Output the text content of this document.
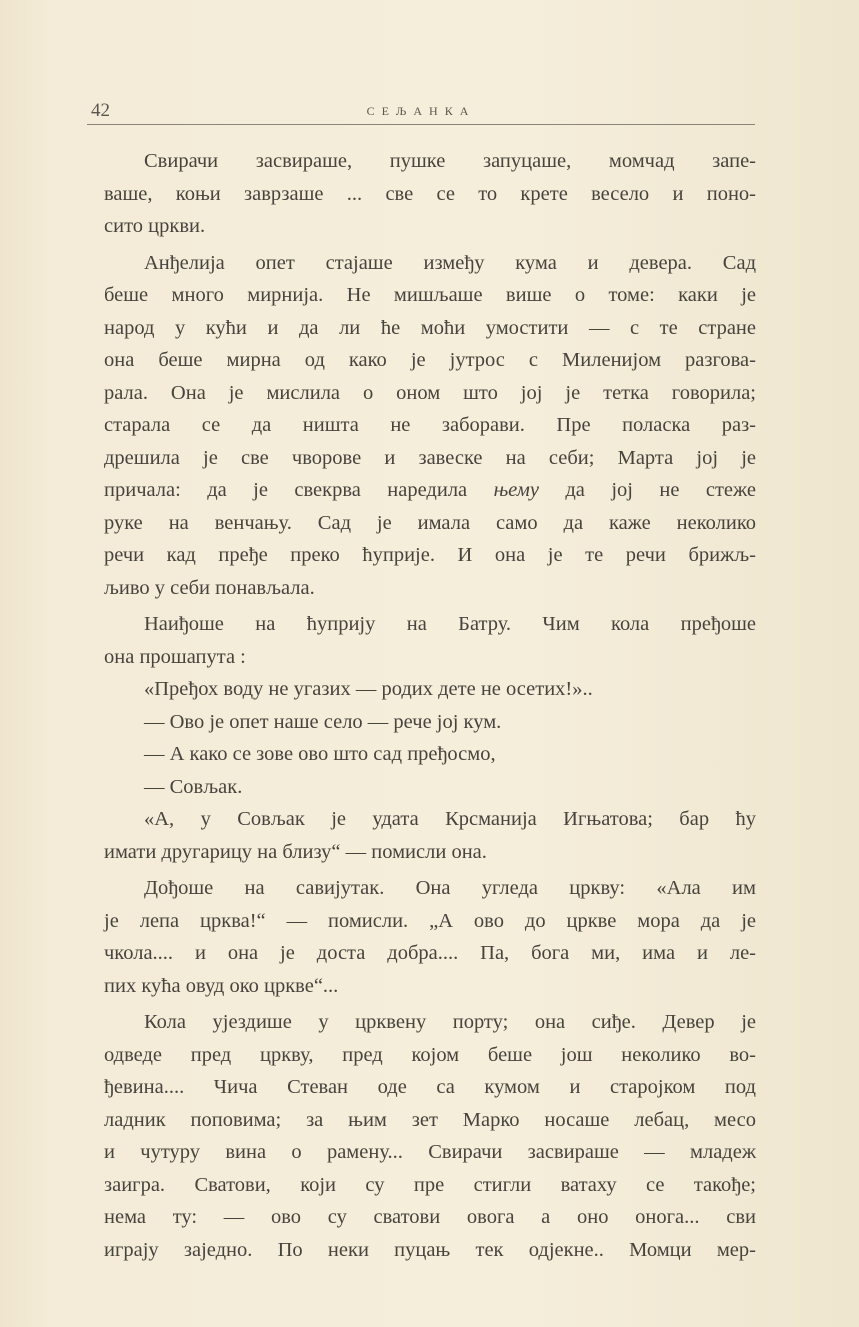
42	СЕЉАНКА
Свирачи засвираше, пушке запуцаше, момчад запе-
ваше, коњи заврзаше ... све се то крете весело и поно-
сито цркви.
Анђелија опет стајаше између кума и девера. Сад
беше много мирнија. Не мишљаше више о томе: каки је
народ у кући и да ли ће моћи умостити — с те стране
она беше мирна од како је јутрос с Миленијом разгова-
рала. Она је мислила о оном што јој је тетка говорила;
старала се да ништа не заборави. Пре поласка раз-
дрешила је све чворове и завеске на себи; Марта јој је
причала: да је свекрва наредила њему да јој не стеже
руке на венчању. Сад је имала само да каже неколико
речи кад пређе преко ћуприје. И она је те речи брижљ-
љиво у себи понављала.
Наиђоше на ћуприју на Батру. Чим кола пређоше
она прошапута :
«Пређох воду не угазих — родих дете не осетих!»..
— Ово је опет наше село — рече јој кум.
— А како се зове ово што сад пређосмо,
— Совљак.
«А, у Совљак је удата Крсманија Игњатова; бар ћу
имати другарицу на близу“ — помисли она.
Дођоше на савијутак. Она угледа цркву: «Ала им
је лепа црква!“ — помисли. „А ово до цркве мора да је
чкола.... и она је доста добра.... Па, бога ми, има и ле-
пих кућа овуд око цркве“...
Кола ујездише у црквену порту; она сиђе. Девер је
одведе пред цркву, пред којом беше још неколико во-
ђевина.... Чича Стеван оде са кумом и старојком под
ладник поповима; за њим зет Марко носаше лебац, месо
и чутуру вина о рамену... Свирачи засвираше — младеж
заигра. Сватови, који су пре стигли ватаху се такође;
нема ту: — ово су сватови овога а оно онога... сви
играју заједно. По неки пуцањ тек одјекне.. Момци мер-
